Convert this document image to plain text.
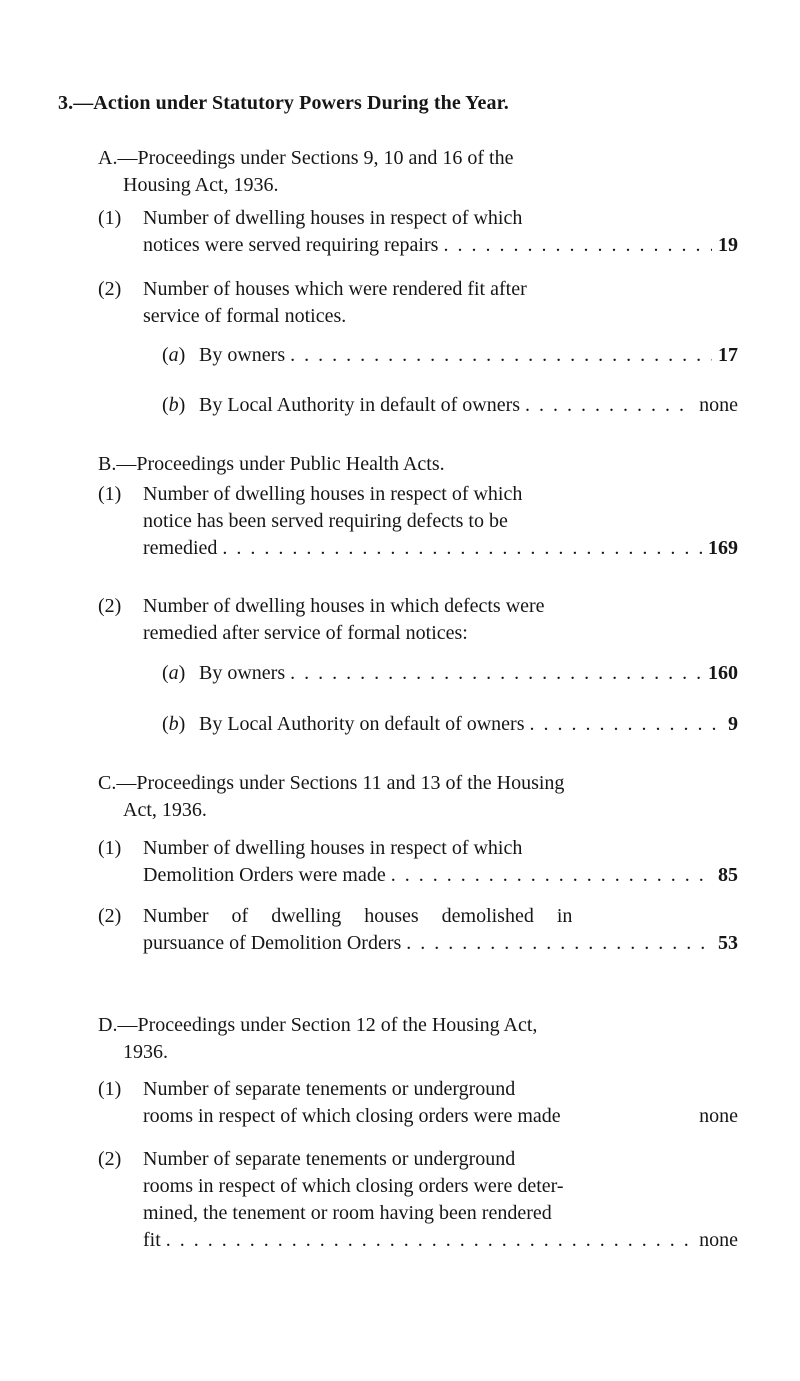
3.—Action under Statutory Powers During the Year.
A.—Proceedings under Sections 9, 10 and 16 of the
Housing Act, 1936.
(1)	Number of dwelling houses in respect of which
notices were served requiring repairs . . .	19
(2)	Number of houses which were rendered fit after
service of formal notices.
(a) By owners . . .	17
(b) By Local Authority in default of owners . . .	none
B.—Proceedings under Public Health Acts.
(1)	Number of dwelling houses in respect of which
notice has been served requiring defects to be
remedied . . .	169
(2)	Number of dwelling houses in which defects were
remedied after service of formal notices:
(a) By owners . . .	160
(b) By Local Authority on default of owners . . .	9
C.—Proceedings under Sections 11 and 13 of the Housing
Act, 1936.
(1)	Number of dwelling houses in respect of which
Demolition Orders were made . . .	85
(2)	Number of dwelling houses demolished in
pursuance of Demolition Orders . . .	53
D.—Proceedings under Section 12 of the Housing Act,
1936.
(1)	Number of separate tenements or underground
rooms in respect of which closing orders were made	none
(2)	Number of separate tenements or underground
rooms in respect of which closing orders were deter-
mined, the tenement or room having been rendered
fit . . .	none
